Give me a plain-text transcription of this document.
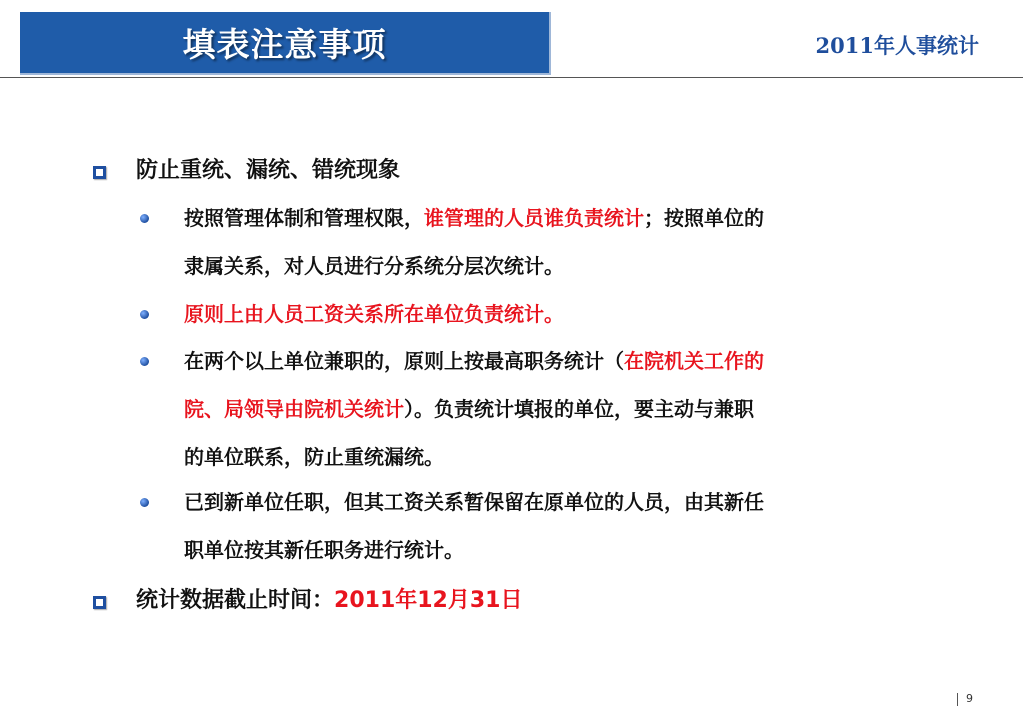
填表注意事项	2011年人事统计
防止重统、漏统、错统现象
按照管理体制和管理权限，谁管理的人员谁负责统计；按照单位的
隶属关系，对人员进行分系统分层次统计。
原则上由人员工资关系所在单位负责统计。
在两个以上单位兼职的，原则上按最高职务统计（在院机关工作的
院、局领导由院机关统计）。负责统计填报的单位，要主动与兼职
的单位联系，防止重统漏统。
已到新单位任职，但其工资关系暂保留在原单位的人员，由其新任
职单位按其新任职务进行统计。
统计数据截止时间：2011年12月31日
9
